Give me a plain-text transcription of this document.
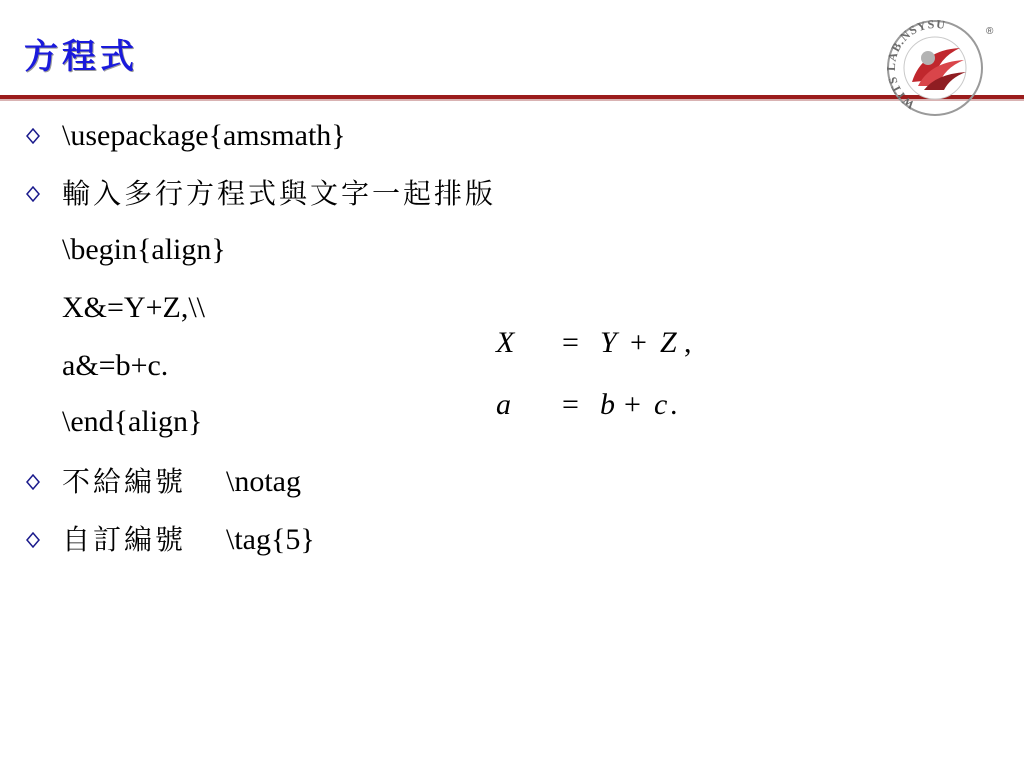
方程式
WITS LAB.NSYSU	®
\usepackage{amsmath}
輸入多行方程式與文字一起排版
\begin{align}
X&=Y+Z,\\
a&=b+c.
\end{align}
不給編號 \notag
自訂編號 \tag{5}
X = Y + Z ,
a = b + c .
